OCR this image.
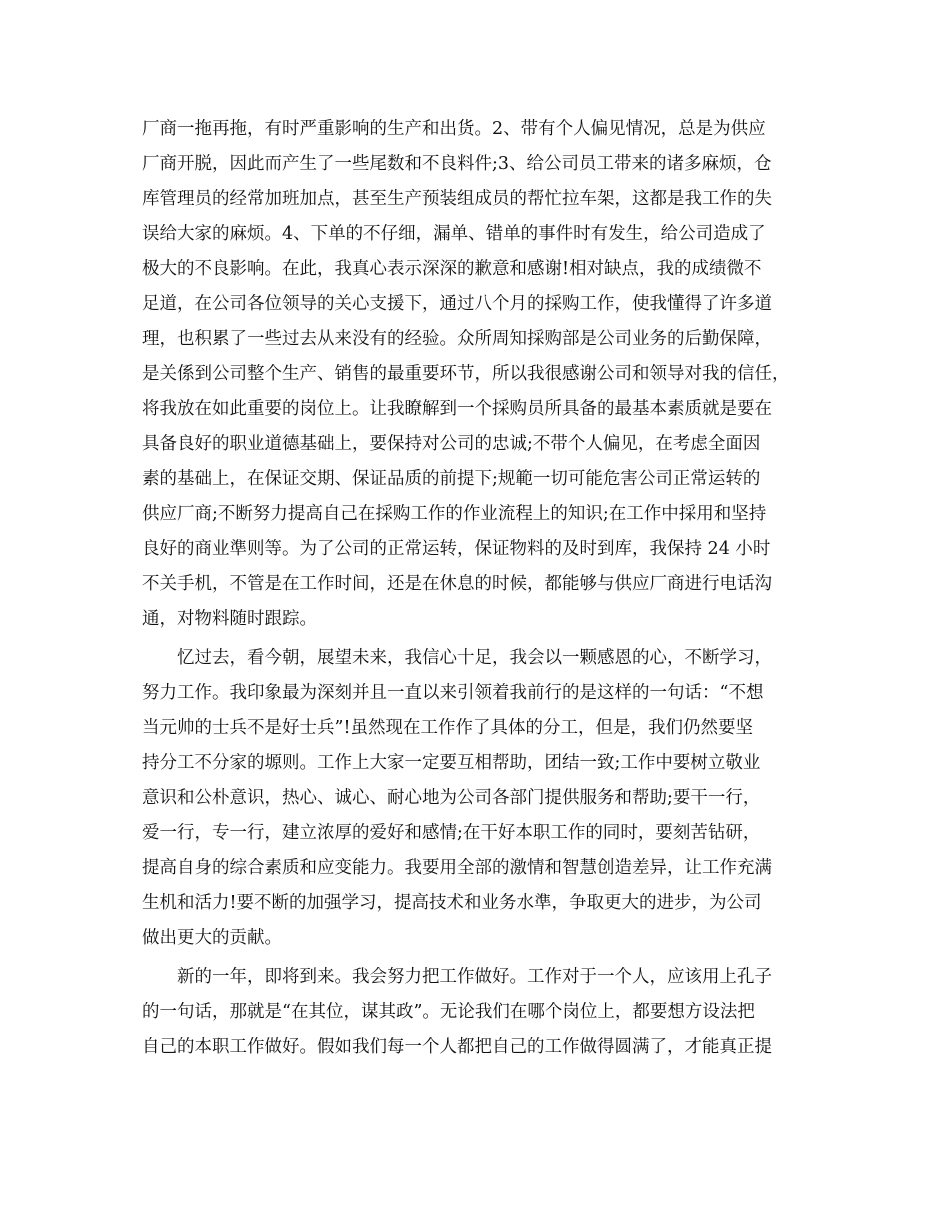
厂商一拖再拖，有时严重影响的生产和出货。2、带有个人偏见情况，总是为供应
厂商开脱，因此而产生了一些尾数和不良料件;3、给公司员工带来的诸多麻烦，仓
库管理员的经常加班加点，甚至生产预装组成员的帮忙拉车架，这都是我工作的失
误给大家的麻烦。4、下单的不仔细，漏单、错单的事件时有发生，给公司造成了
极大的不良影响。在此，我真心表示深深的歉意和感谢!相对缺点，我的成绩微不
足道，在公司各位领导的关心支援下，通过八个月的採购工作，使我懂得了许多道
理，也积累了一些过去从来没有的经验。众所周知採购部是公司业务的后勤保障，
是关係到公司整个生产、销售的最重要环节，所以我很感谢公司和领导对我的信任，
将我放在如此重要的岗位上。让我瞭解到一个採购员所具备的最基本素质就是要在
具备良好的职业道德基础上，要保持对公司的忠诚;不带个人偏见，在考虑全面因
素的基础上，在保证交期、保证品质的前提下;规範一切可能危害公司正常运转的
供应厂商;不断努力提高自己在採购工作的作业流程上的知识;在工作中採用和坚持
良好的商业準则等。为了公司的正常运转，保证物料的及时到库，我保持 24 小时
不关手机，不管是在工作时间，还是在休息的时候，都能够与供应厂商进行电话沟
通，对物料随时跟踪。
　　忆过去，看今朝，展望未来，我信心十足，我会以一颗感恩的心，不断学习，
努力工作。我印象最为深刻并且一直以来引领着我前行的是这样的一句话：“不想
当元帅的士兵不是好士兵”!虽然现在工作作了具体的分工，但是，我们仍然要坚
持分工不分家的塬则。工作上大家一定要互相帮助，团结一致;工作中要树立敬业
意识和公朴意识，热心、诚心、耐心地为公司各部门提供服务和帮助;要干一行，
爱一行，专一行，建立浓厚的爱好和感情;在干好本职工作的同时，要刻苦钻研，
提高自身的综合素质和应变能力。我要用全部的激情和智慧创造差异，让工作充满
生机和活力!要不断的加强学习，提高技术和业务水準，争取更大的进步，为公司
做出更大的贡献。
　　新的一年，即将到来。我会努力把工作做好。工作对于一个人，应该用上孔子
的一句话，那就是“在其位，谋其政”。无论我们在哪个岗位上，都要想方设法把
自己的本职工作做好。假如我们每一个人都把自己的工作做得圆满了，才能真正提
